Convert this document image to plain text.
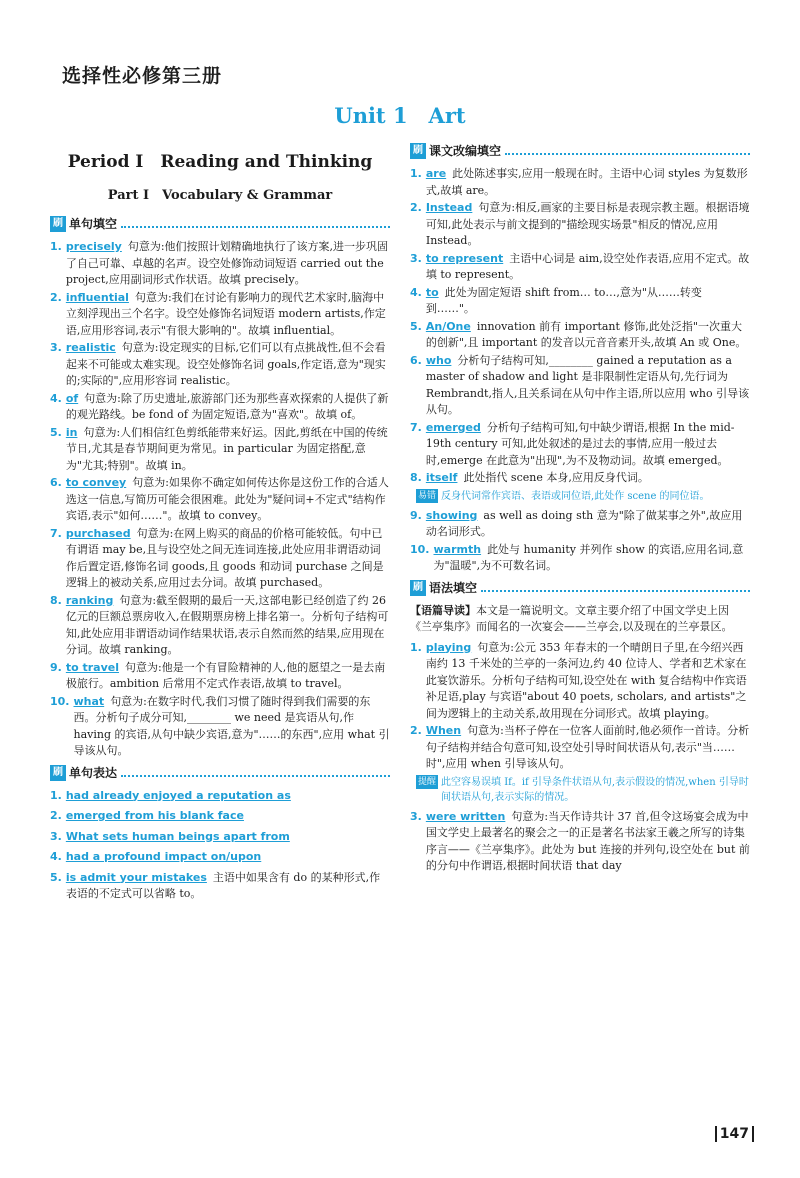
选择性必修第三册
Unit 1　Art
Period Ⅰ　Reading and Thinking
Part Ⅰ　Vocabulary & Grammar
刷 单句填空
1. precisely 句意为:他们按照计划精确地执行了该方案,进一步巩固了自己可靠、卓越的名声。设空处修饰动词短语 carried out the project,应用副词形式作状语。故填 precisely。
2. influential 句意为:我们在讨论有影响力的现代艺术家时,脑海中立刻浮现出三个名字。设空处修饰名词短语 modern artists,作定语,应用形容词,表示"有很大影响的"。故填 influential。
3. realistic 句意为:设定现实的目标,它们可以有点挑战性,但不会看起来不可能或太难实现。设空处修饰名词 goals,作定语,意为"现实的;实际的",应用形容词 realistic。
4. of 句意为:除了历史遗址,旅游部门还为那些喜欢探索的人提供了新的观光路线。be fond of 为固定短语,意为"喜欢"。故填 of。
5. in 句意为:人们相信红色剪纸能带来好运。因此,剪纸在中国的传统节日,尤其是春节期间更为常见。in particular 为固定搭配,意为"尤其;特别"。故填 in。
6. to convey 句意为:如果你不确定如何传达你是这份工作的合适人选这一信息,写简历可能会很困难。此处为"疑问词+不定式"结构作宾语,表示"如何……"。故填 to convey。
7. purchased 句意为:在网上购买的商品的价格可能较低。句中已有谓语 may be,且与设空处之间无连词连接,此处应用非谓语动词作后置定语,修饰名词 goods,且 goods 和动词 purchase 之间是逻辑上的被动关系,应用过去分词。故填 purchased。
8. ranking 句意为:截至假期的最后一天,这部电影已经创造了约 26 亿元的巨额总票房收入,在假期票房榜上排名第一。分析句子结构可知,此处应用非谓语动词作结果状语,表示自然而然的结果,应用现在分词。故填 ranking。
9. to travel 句意为:他是一个有冒险精神的人,他的愿望之一是去南极旅行。ambition 后常用不定式作表语,故填 to travel。
10. what 句意为:在数字时代,我们习惯了随时得到我们需要的东西。分析句子成分可知,________ we need 是宾语从句,作 having 的宾语,从句中缺少宾语,意为"……的东西",应用 what 引导该从句。
刷 单句表达
1. had already enjoyed a reputation as
2. emerged from his blank face
3. What sets human beings apart from
4. had a profound impact on/upon
5. is admit your mistakes 主语中如果含有 do 的某种形式,作表语的不定式可以省略 to。
刷 课文改编填空
1. are 此处陈述事实,应用一般现在时。主语中心词 styles 为复数形式,故填 are。
2. Instead 句意为:相反,画家的主要目标是表现宗教主题。根据语境可知,此处表示与前文提到的"描绘现实场景"相反的情况,应用 Instead。
3. to represent 主语中心词是 aim,设空处作表语,应用不定式。故填 to represent。
4. to 此处为固定短语 shift from… to…,意为"从……转变到……"。
5. An/One innovation 前有 important 修饰,此处泛指"一次重大的创新",且 important 的发音以元音音素开头,故填 An 或 One。
6. who 分析句子结构可知,________ gained a reputation as a master of shadow and light 是非限制性定语从句,先行词为 Rembrandt,指人,且关系词在从句中作主语,所以应用 who 引导该从句。
7. emerged 分析句子结构可知,句中缺少谓语,根据 In the mid-19th century 可知,此处叙述的是过去的事情,应用一般过去时,emerge 在此意为"出现",为不及物动词。故填 emerged。
8. itself 此处指代 scene 本身,应用反身代词。
易错 反身代词常作宾语、表语或同位语,此处作 scene 的同位语。
9. showing as well as doing sth 意为"除了做某事之外",故应用动名词形式。
10. warmth 此处与 humanity 并列作 show 的宾语,应用名词,意为"温暖",为不可数名词。
刷 语法填空
【语篇导读】本文是一篇说明文。文章主要介绍了中国文学史上因《兰亭集序》而闻名的一次宴会——兰亭会,以及现在的兰亭景区。
1. playing 句意为:公元 353 年春末的一个晴朗日子里,在今绍兴西南约 13 千米处的兰亭的一条河边,约 40 位诗人、学者和艺术家在此宴饮游乐。分析句子结构可知,设空处在 with 复合结构中作宾语补足语,play 与宾语"about 40 poets, scholars, and artists"之间为逻辑上的主动关系,故用现在分词形式。故填 playing。
2. When 句意为:当杯子停在一位客人面前时,他必须作一首诗。分析句子结构并结合句意可知,设空处引导时间状语从句,表示"当……时",应用 when 引导该从句。
提醒 此空容易误填 If。if 引导条件状语从句,表示假设的情况,when 引导时间状语从句,表示实际的情况。
3. were written 句意为:当天作诗共计 37 首,但令这场宴会成为中国文学史上最著名的聚会之一的正是著名书法家王羲之所写的诗集序言——《兰亭集序》。此处为 but 连接的并列句,设空处在 but 前的分句中作谓语,根据时间状语 that day
147
